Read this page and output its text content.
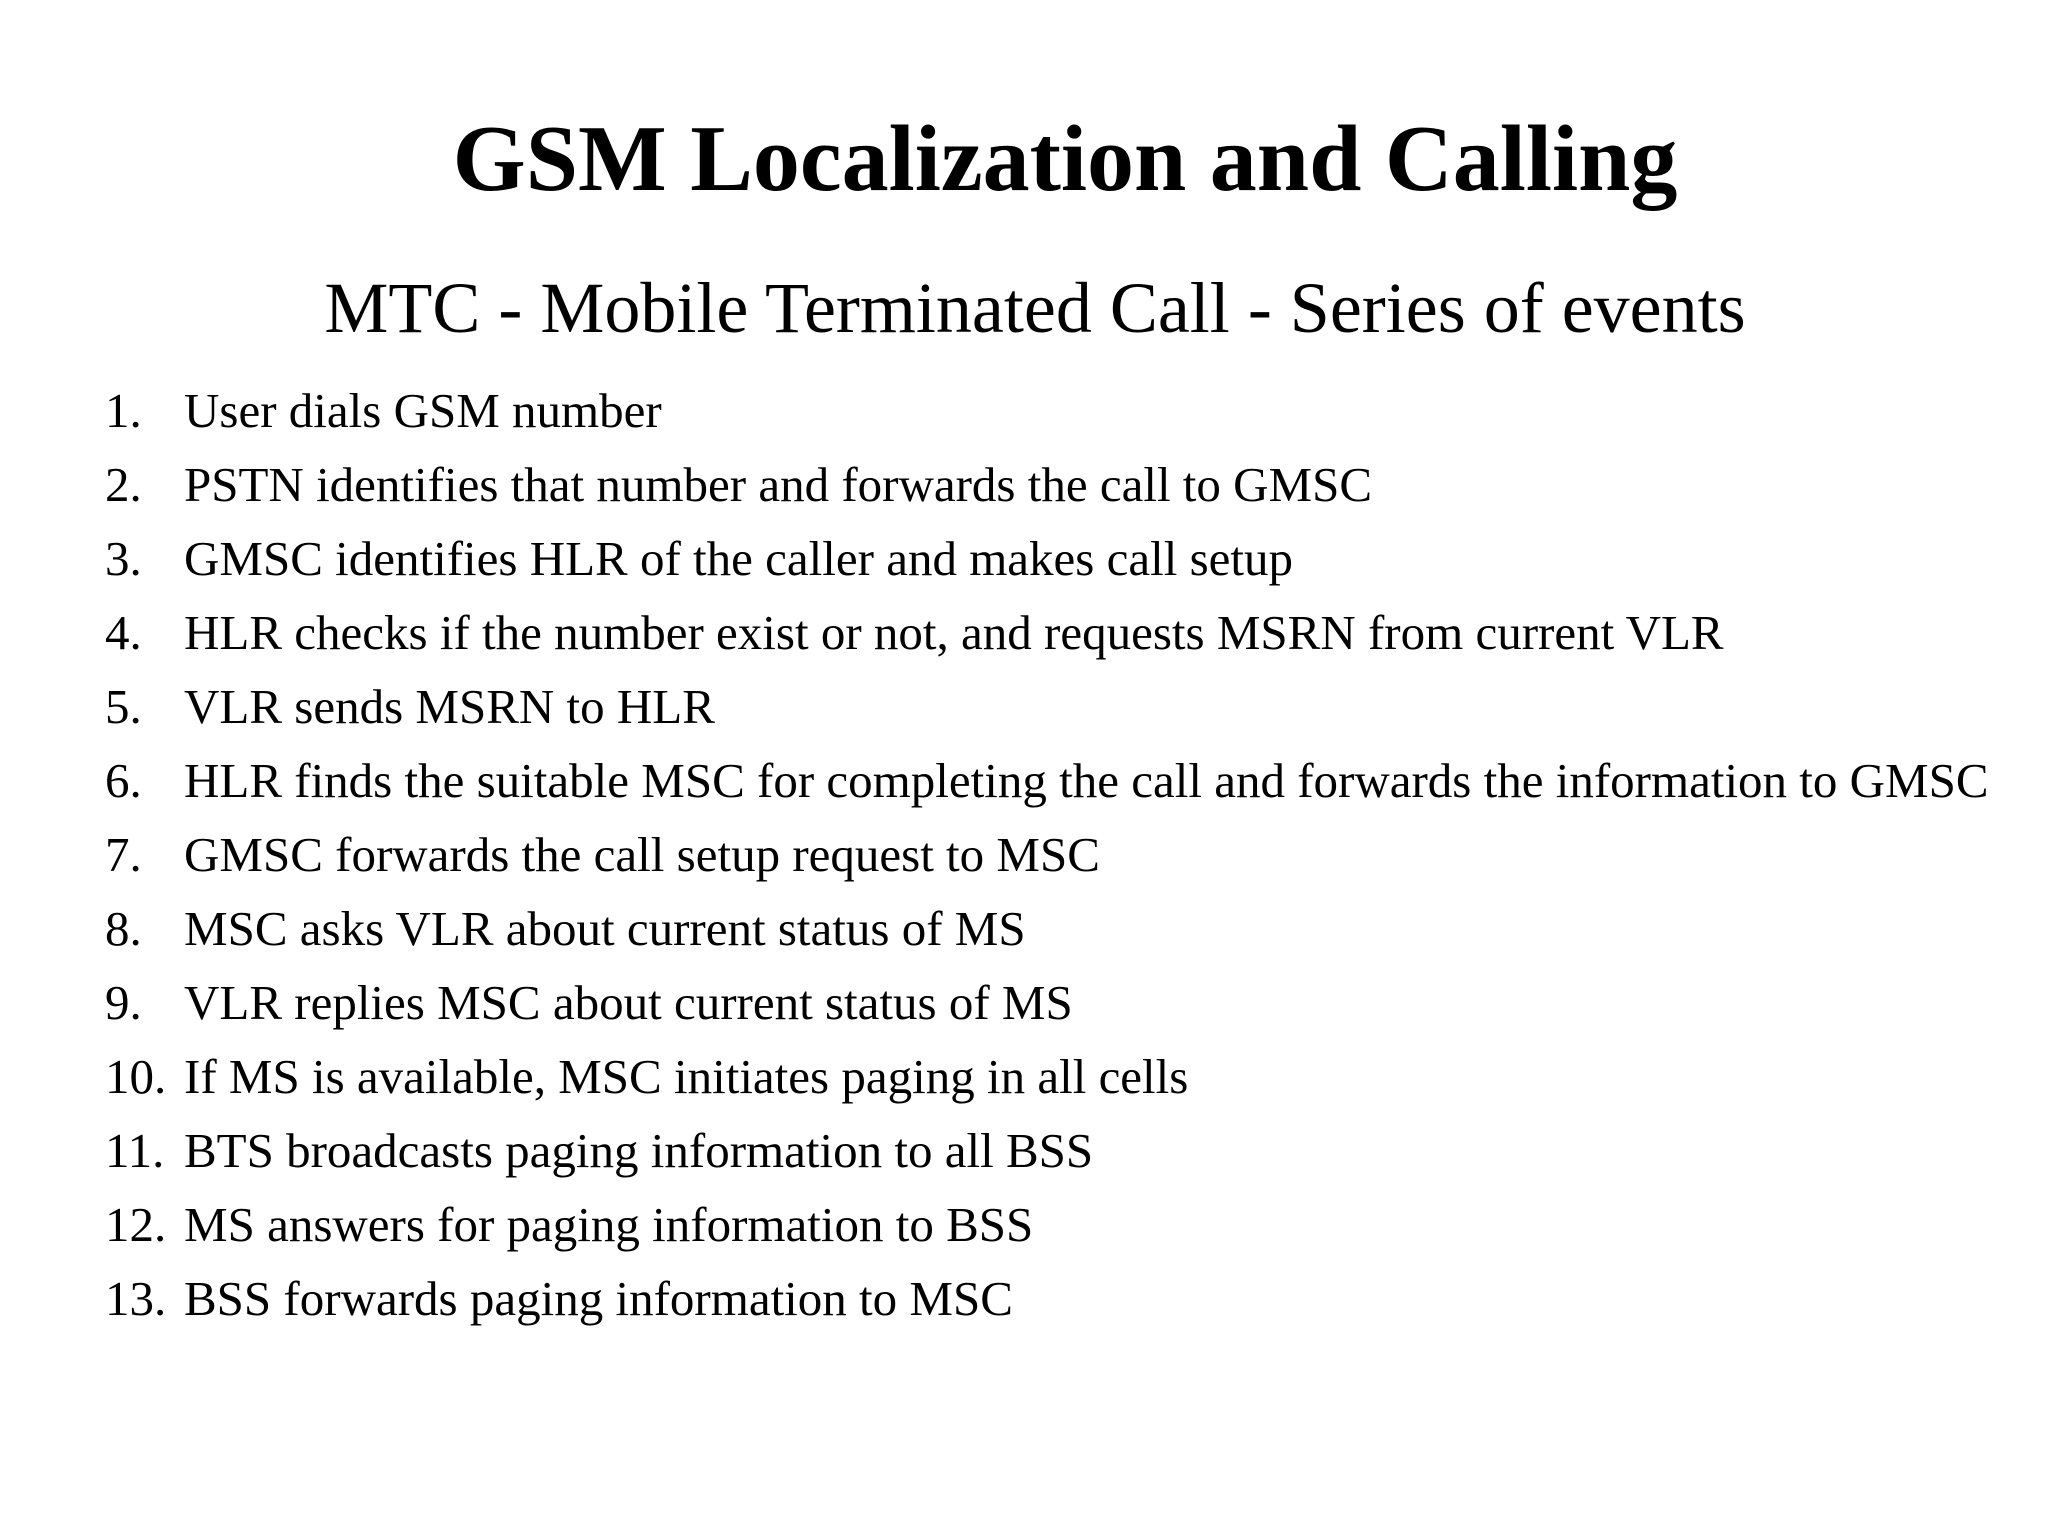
GSM Localization and Calling
MTC - Mobile Terminated Call - Series of events
1. User dials GSM number
2. PSTN identifies that number and forwards the call to GMSC
3. GMSC identifies HLR of the caller and makes call setup
4. HLR checks if the number exist or not, and requests MSRN from current VLR
5. VLR sends MSRN to HLR
6. HLR finds the suitable MSC for completing the call and forwards the information to GMSC
7. GMSC forwards the call setup request to MSC
8. MSC asks VLR about current status of MS
9. VLR replies MSC about current status of MS
10. If MS is available, MSC initiates paging in all cells
11. BTS broadcasts paging information to all BSS
12. MS answers for paging information to BSS
13. BSS forwards paging information to MSC
